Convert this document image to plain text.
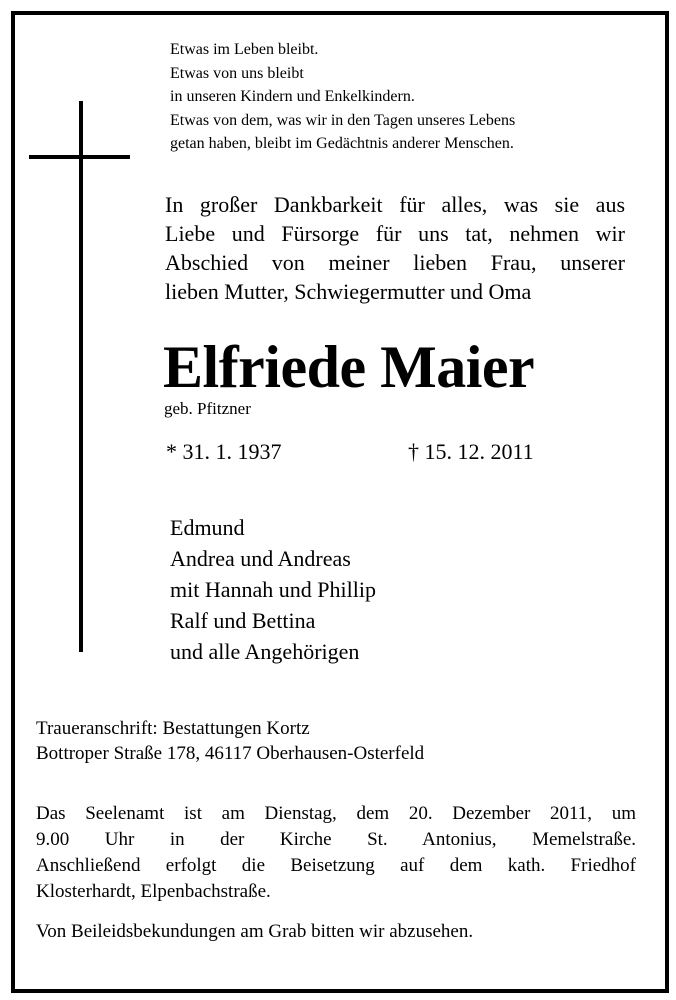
Etwas im Leben bleibt.
Etwas von uns bleibt
in unseren Kindern und Enkelkindern.
Etwas von dem, was wir in den Tagen unseres Lebens
getan haben, bleibt im Gedächtnis anderer Menschen.
In großer Dankbarkeit für alles, was sie aus
Liebe und Fürsorge für uns tat, nehmen wir
Abschied von meiner lieben Frau, unserer
lieben Mutter, Schwiegermutter und Oma
Elfriede Maier
geb. Pfitzner
* 31. 1. 1937	† 15. 12. 2011
Edmund
Andrea und Andreas
mit Hannah und Phillip
Ralf und Bettina
und alle Angehörigen
Traueranschrift: Bestattungen Kortz
Bottroper Straße 178, 46117 Oberhausen-Osterfeld
Das Seelenamt ist am Dienstag, dem 20. Dezember 2011, um
9.00 Uhr in der Kirche St. Antonius, Memelstraße.
Anschließend erfolgt die Beisetzung auf dem kath. Friedhof
Klosterhardt, Elpenbachstraße.
Von Beileidsbekundungen am Grab bitten wir abzusehen.
